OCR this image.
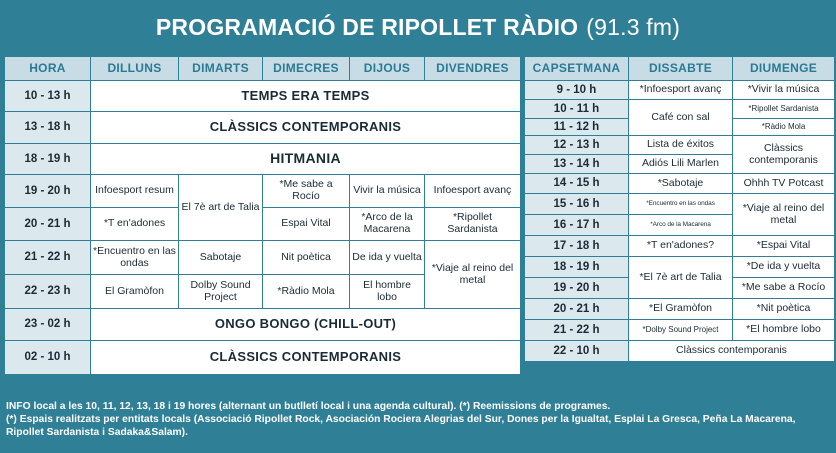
PROGRAMACIÓ DE RIPOLLET RÀDIO (91.3 fm)
HORA	DILLUNS	DIMARTS	DIMECRES	DIJOUS	DIVENDRES
10 - 13 h	TEMPS ERA TEMPS				
13 - 18 h	CLÀSSICS CONTEMPORANIS				
18 - 19 h	HITMANIA				
19 - 20 h	Infoesport resum	El 7è art de Talia	*Me sabe a Rocío	Vivir la música	Infoesport avanç
20 - 21 h	*T en'adones		Espai Vital	*Arco de la Macarena	*Ripollet Sardanista
21 - 22 h	*Encuentro en las ondas	Sabotaje	Nit poètica	De ida y vuelta	*Viaje al reino del metal
22 - 23 h	El Gramòfon	Dolby Sound Project	*Ràdio Mola	El hombre lobo	
23 - 02 h	ONGO BONGO (CHILL-OUT)				
02 - 10 h	CLÀSSICS CONTEMPORANIS				
CAPSETMANA	DISSABTE	DIUMENGE
9 - 10 h	*Infoesport avanç	*Vivir la música
10 - 11 h	Café con sal	*Ripollet Sardanista
11 - 12 h		*Ràdio Mola
12 - 13 h	Lista de éxitos	Clàssics contemporanis
13 - 14 h	Adiós Lili Marlen	
14 - 15 h	*Sabotaje	Ohhh TV Potcast
15 - 16 h	*Encuentro en las ondas	*Viaje al reino del metal
16 - 17 h	*Arco de la Macarena	
17 - 18 h	*T en'adones?	*Espai Vital
18 - 19 h	*El 7è art de Talia	*De ida y vuelta
19 - 20 h		*Me sabe a Rocío
20 - 21 h	*El Gramòfon	*Nit poètica
21 - 22 h	*Dolby Sound Project	*El hombre lobo
22 - 10 h	Clàssics contemporanis	
INFO local a les 10, 11, 12, 13, 18 i 19 hores (alternant un butlletí local i una agenda cultural). (*) Reemissions de programes.
(*) Espais realitzats per entitats locals (Associació Ripollet Rock, Asociación Rociera Alegrias del Sur, Dones per la Igualtat, Esplai La Gresca, Peña La Macarena, Ripollet Sardanista i Sadaka&Salam).
